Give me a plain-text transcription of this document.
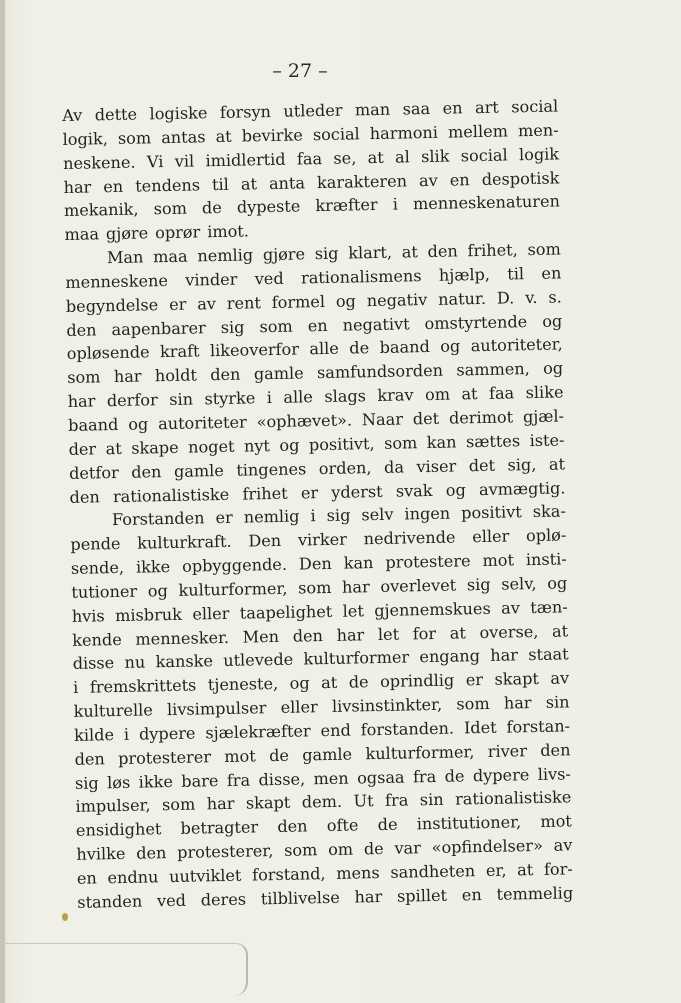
– 27 –
Av dette logiske forsyn utleder man saa en art social
logik, som antas at bevirke social harmoni mellem men-
neskene. Vi vil imidlertid faa se, at al slik social logik
har en tendens til at anta karakteren av en despotisk
mekanik, som de dypeste kræfter i menneskenaturen
maa gjøre oprør imot.
Man maa nemlig gjøre sig klart, at den frihet, som
menneskene vinder ved rationalismens hjælp, til en
begyndelse er av rent formel og negativ natur. D. v. s.
den aapenbarer sig som en negativt omstyrtende og
opløsende kraft likeoverfor alle de baand og autoriteter,
som har holdt den gamle samfundsorden sammen, og
har derfor sin styrke i alle slags krav om at faa slike
baand og autoriteter «ophævet». Naar det derimot gjæl-
der at skape noget nyt og positivt, som kan sættes iste-
detfor den gamle tingenes orden, da viser det sig, at
den rationalistiske frihet er yderst svak og avmægtig.
Forstanden er nemlig i sig selv ingen positivt ska-
pende kulturkraft. Den virker nedrivende eller oplø-
sende, ikke opbyggende. Den kan protestere mot insti-
tutioner og kulturformer, som har overlevet sig selv, og
hvis misbruk eller taapelighet let gjennemskues av tæn-
kende mennesker. Men den har let for at overse, at
disse nu kanske utlevede kulturformer engang har staat
i fremskrittets tjeneste, og at de oprindlig er skapt av
kulturelle livsimpulser eller livsinstinkter, som har sin
kilde i dypere sjælekræfter end forstanden. Idet forstan-
den protesterer mot de gamle kulturformer, river den
sig løs ikke bare fra disse, men ogsaa fra de dypere livs-
impulser, som har skapt dem. Ut fra sin rationalistiske
ensidighet betragter den ofte de institutioner, mot
hvilke den protesterer, som om de var «opfindelser» av
en endnu uutviklet forstand, mens sandheten er, at for-
standen ved deres tilblivelse har spillet en temmelig
